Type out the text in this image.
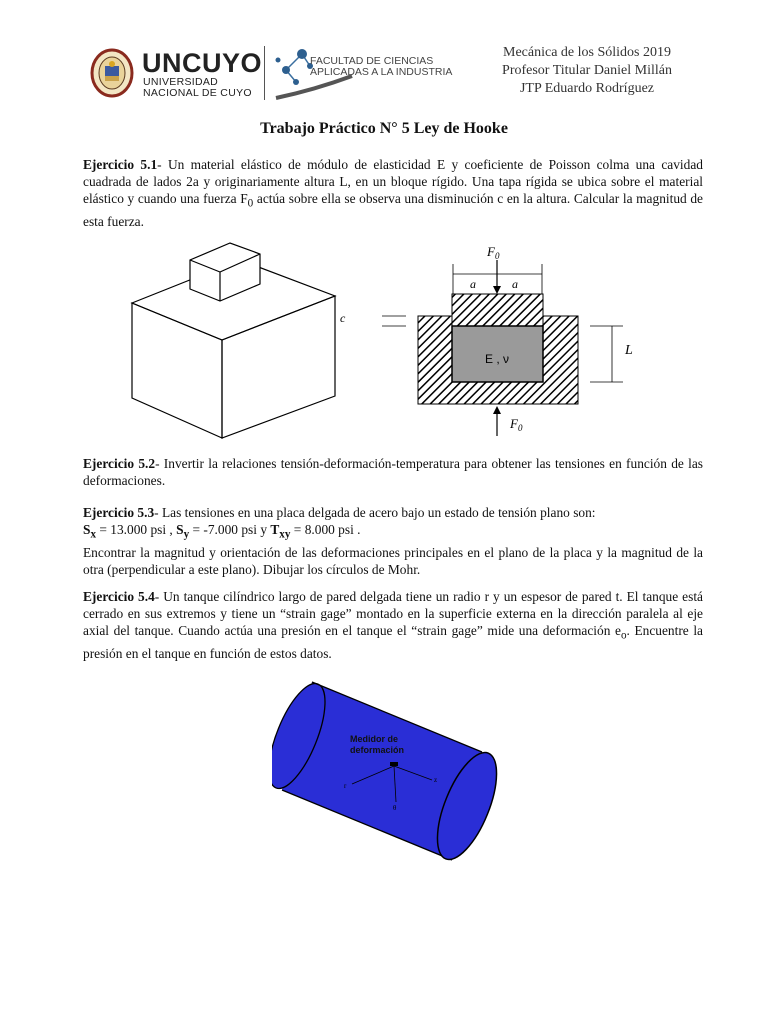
UNCUYO
UNIVERSIDAD
NACIONAL DE CUYO
FACULTAD DE CIENCIAS
APLICADAS A LA INDUSTRIA
Mecánica de los Sólidos 2019
Profesor Titular Daniel Millán
JTP Eduardo Rodríguez
Trabajo Práctico N° 5 Ley de Hooke
Ejercicio 5.1- Un material elástico de módulo de elasticidad E y coeficiente de Poisson colma una cavidad cuadrada de lados 2a y originariamente altura L, en un bloque rígido. Una tapa rígida se ubica sobre el material elástico y cuando una fuerza $F_0$ actúa sobre ella se observa una disminución c en la altura. Calcular la magnitud de esta fuerza.
E , ν
a	a
$F_0$
$F_0$
c
L
Ejercicio 5.2- Invertir la relaciones tensión-deformación-temperatura para obtener las tensiones en función de las deformaciones.
Ejercicio 5.3- Las tensiones en una placa delgada de acero bajo un estado de tensión plano son:
$S_x = 13.000$ psi , $S_y = -7.000$ psi y $T_{xy} = 8.000$ psi .
Encontrar la magnitud y orientación de las deformaciones principales en el plano de la placa y la magnitud de la otra (perpendicular a este plano). Dibujar los círculos de Mohr.
Ejercicio 5.4- Un tanque cilíndrico largo de pared delgada tiene un radio r y un espesor de pared t. El tanque está cerrado en sus extremos y tiene un “strain gage” montado en la superficie externa en la dirección paralela al eje axial del tanque. Cuando actúa una presión en el tanque el “strain gage” mide una deformación $e_o$. Encuentre la presión en el tanque en función de estos datos.
Medidor de
deformación
r
z
θ
